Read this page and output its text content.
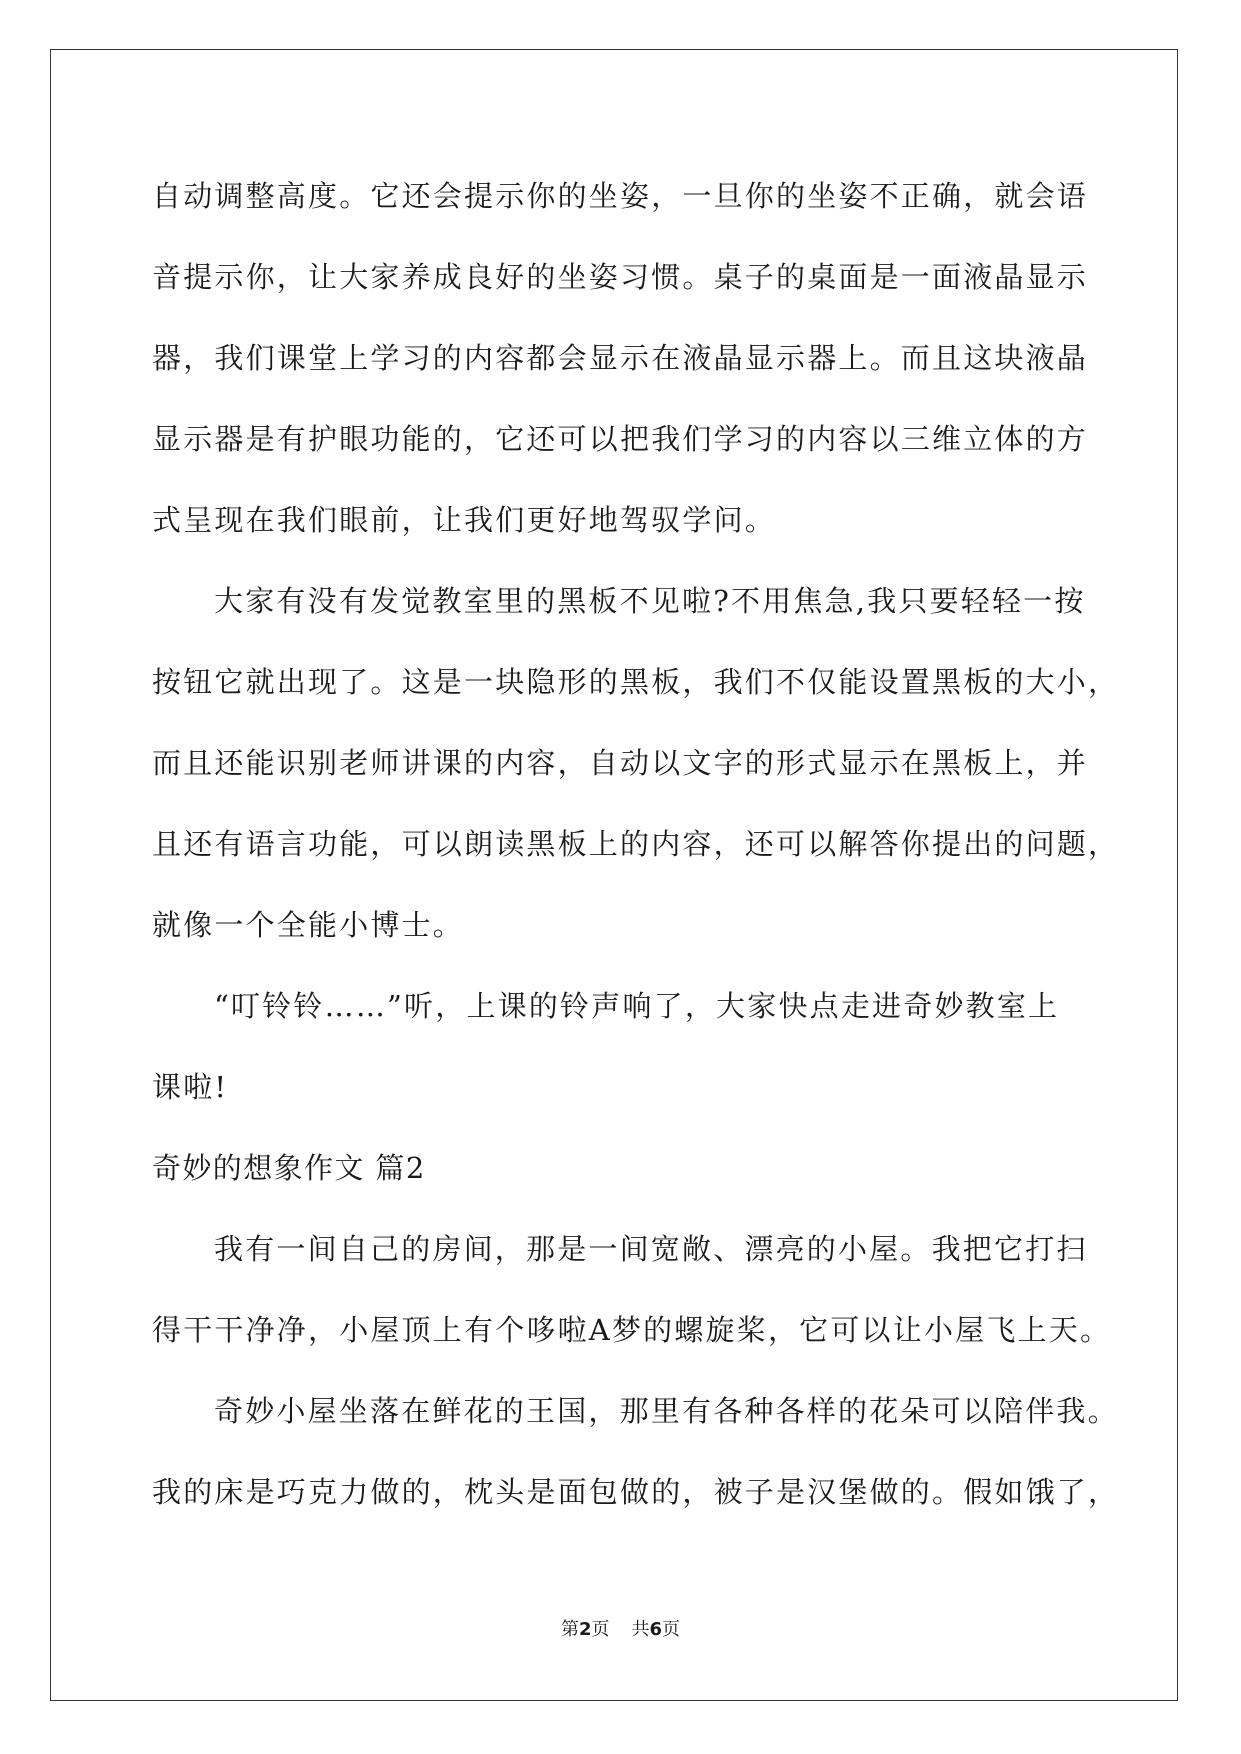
自动调整高度。它还会提示你的坐姿，一旦你的坐姿不正确，就会语
音提示你，让大家养成良好的坐姿习惯。桌子的桌面是一面液晶显示
器，我们课堂上学习的内容都会显示在液晶显示器上。而且这块液晶
显示器是有护眼功能的，它还可以把我们学习的内容以三维立体的方
式呈现在我们眼前，让我们更好地驾驭学问。
大家有没有发觉教室里的黑板不见啦?不用焦急,我只要轻轻一按
按钮它就出现了。这是一块隐形的黑板，我们不仅能设置黑板的大小，
而且还能识别老师讲课的内容，自动以文字的形式显示在黑板上，并
且还有语言功能，可以朗读黑板上的内容，还可以解答你提出的问题，
就像一个全能小博士。
“叮铃铃……”听，上课的铃声响了，大家快点走进奇妙教室上
课啦!
奇妙的想象作文 篇2
我有一间自己的房间，那是一间宽敞、漂亮的小屋。我把它打扫
得干干净净，小屋顶上有个哆啦A梦的螺旋桨，它可以让小屋飞上天。
奇妙小屋坐落在鲜花的王国，那里有各种各样的花朵可以陪伴我。
我的床是巧克力做的，枕头是面包做的，被子是汉堡做的。假如饿了，
第2页 共6页
